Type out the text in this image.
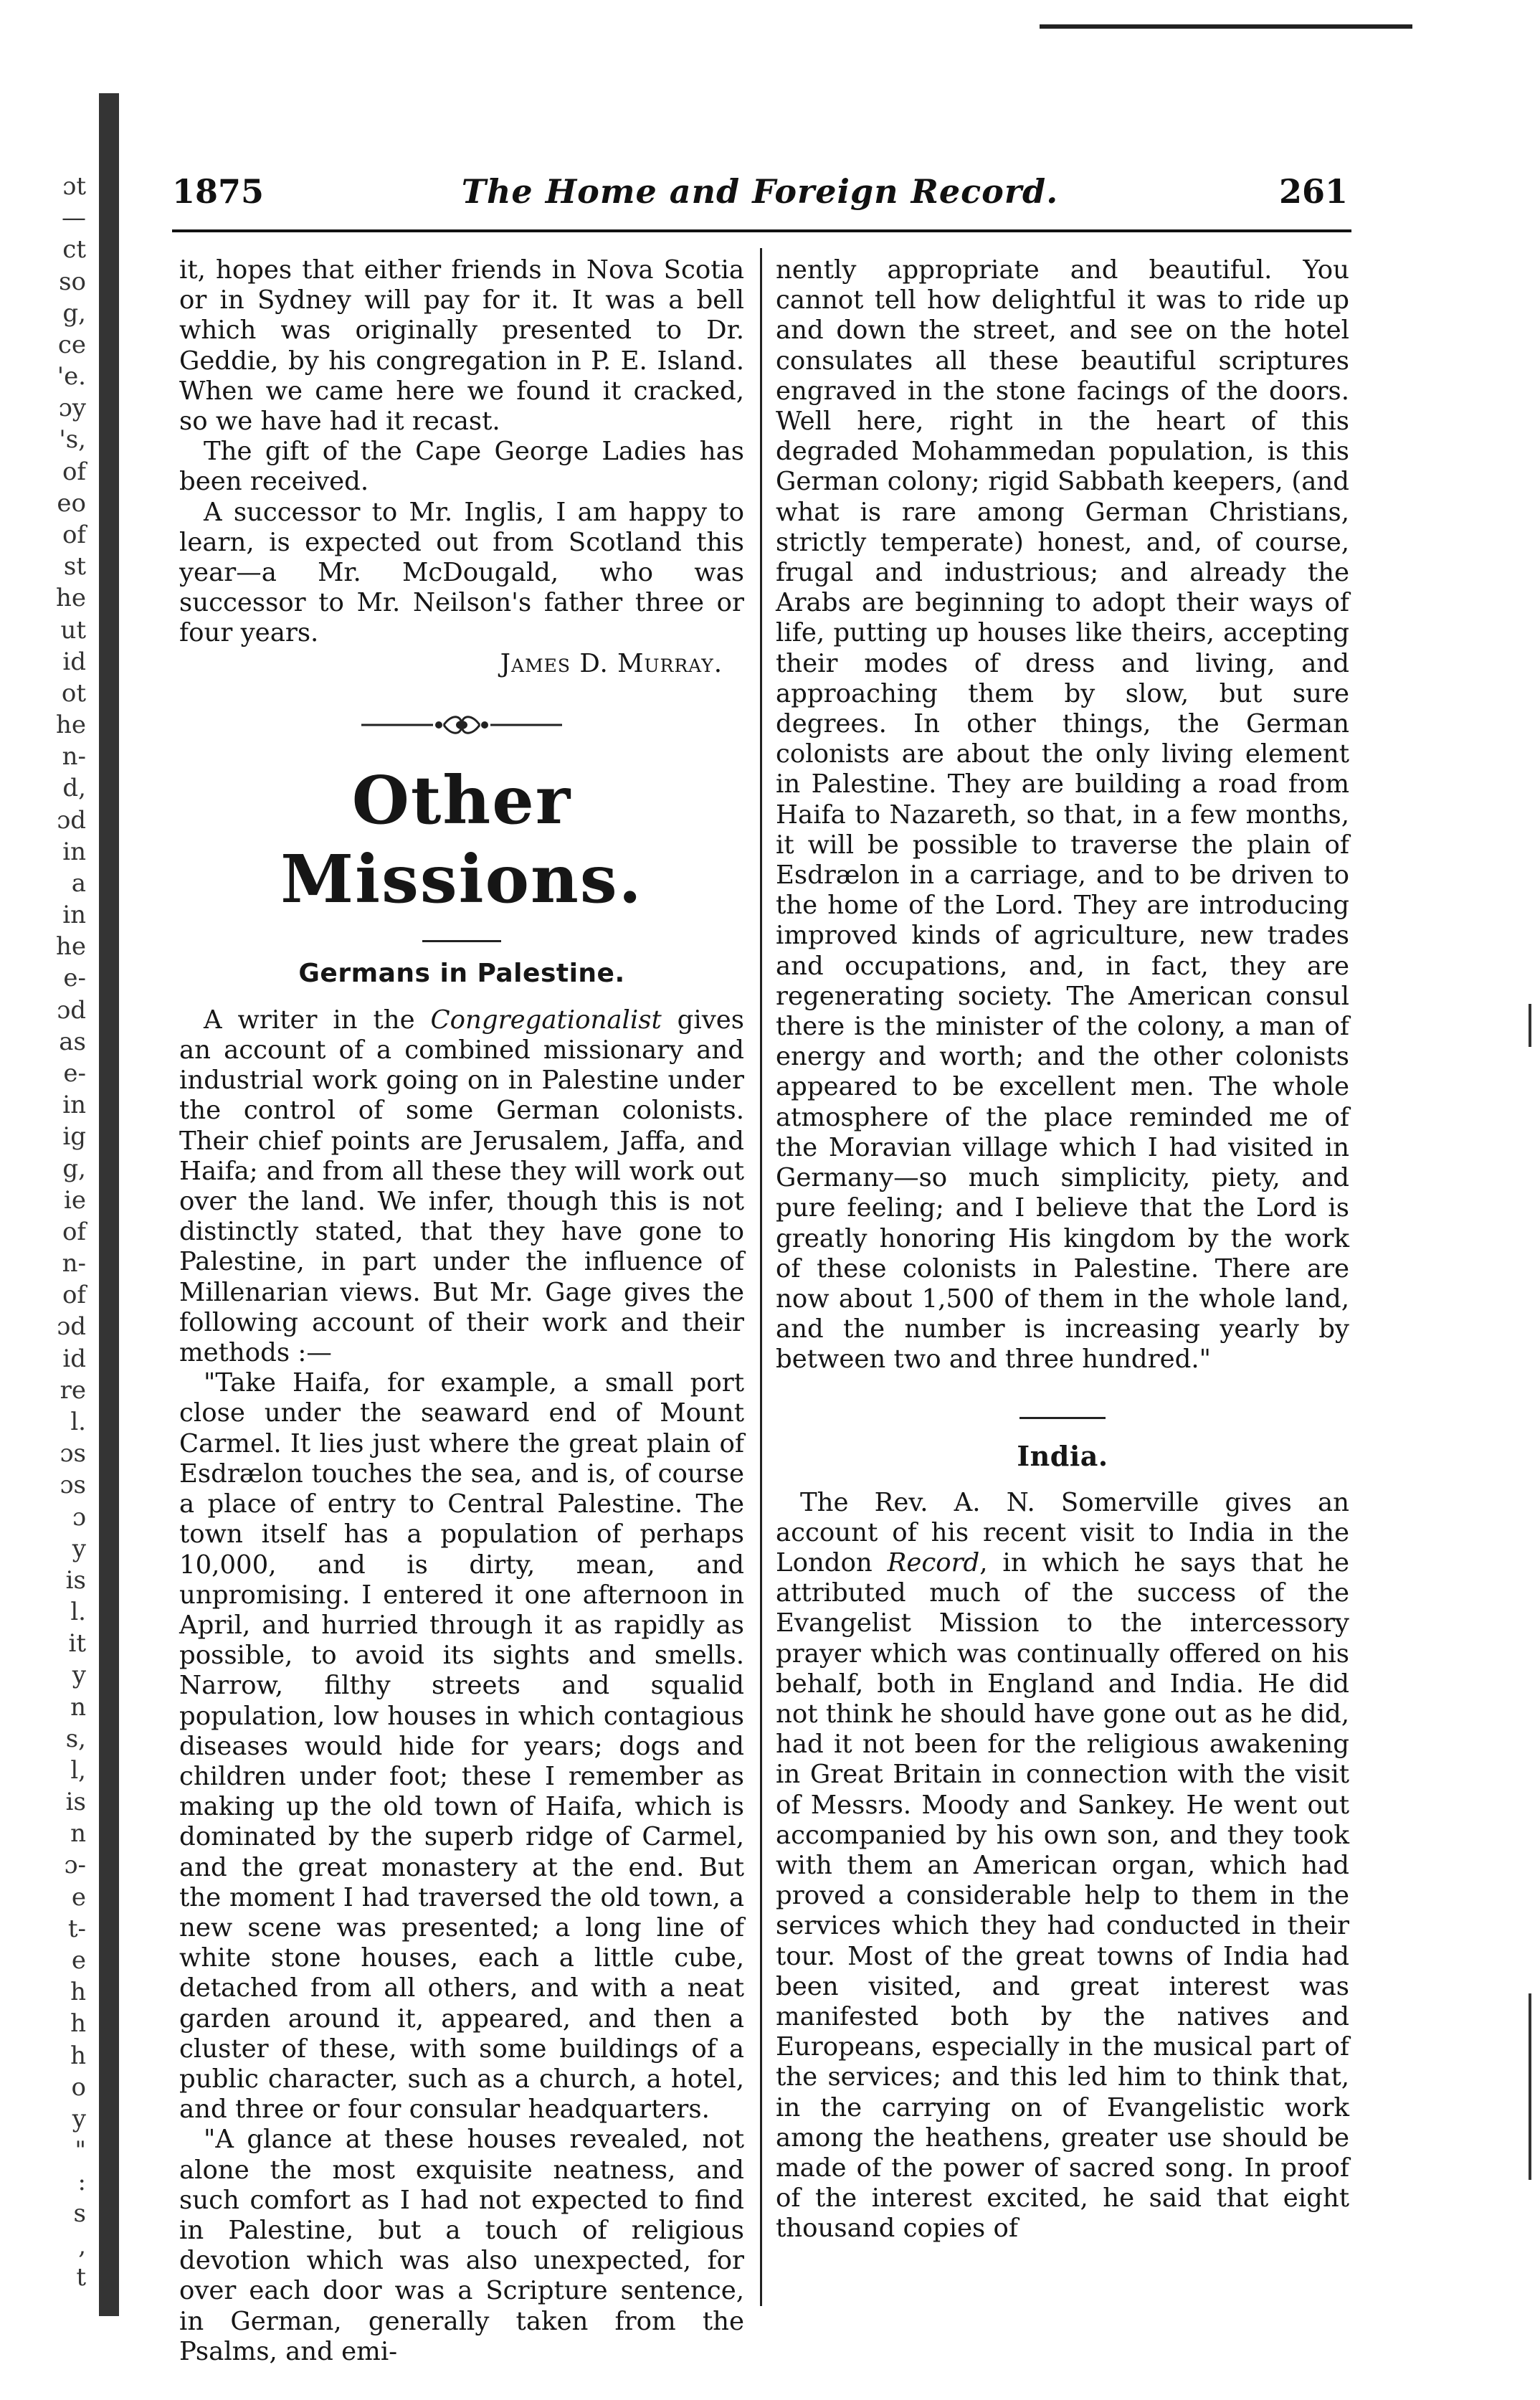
ɔt
—
ct
so
g,
ce
'e.
ɔy
's,
of
eo
of
st
he
ut
id
ot
he
n-
d,
ɔd
in
a
in
he
e-
ɔd
as
e-
in
ig
g,
ie
of
n-
of
ɔd
id
re
l.
ɔs
ɔs
ɔ
y
is
l.
it
y
n
s,
l,
is
n
ɔ-
e
t-
e
h
h
h
o
y
"
:
s
,
t
1875	The Home and Foreign Record.	261

it, hopes that either friends in Nova Scotia or in Sydney will pay for it. It was a bell which was originally presented to Dr. Geddie, by his congregation in P. E. Island. When we came here we found it cracked, so we have had it recast.

The gift of the Cape George Ladies has been received.

A successor to Mr. Inglis, I am happy to learn, is expected out from Scotland this year—a Mr. McDougald, who was successor to Mr. Neilson's father three or four years.

James D. Murray.

Other Missions.
Germans in Palestine.

A writer in the Congregationalist gives an account of a combined missionary and industrial work going on in Palestine under the control of some German colonists. Their chief points are Jerusalem, Jaffa, and Haifa; and from all these they will work out over the land. We infer, though this is not distinctly stated, that they have gone to Palestine, in part under the influence of Millenarian views. But Mr. Gage gives the following account of their work and their methods :—

"Take Haifa, for example, a small port close under the seaward end of Mount Carmel. It lies just where the great plain of Esdrælon touches the sea, and is, of course a place of entry to Central Palestine. The town itself has a population of perhaps 10,000, and is dirty, mean, and unpromising. I entered it one afternoon in April, and hurried through it as rapidly as possible, to avoid its sights and smells. Narrow, filthy streets and squalid population, low houses in which contagious diseases would hide for years; dogs and children under foot; these I remember as making up the old town of Haifa, which is dominated by the superb ridge of Carmel, and the great monastery at the end. But the moment I had traversed the old town, a new scene was presented; a long line of white stone houses, each a little cube, detached from all others, and with a neat garden around it, appeared, and then a cluster of these, with some buildings of a public character, such as a church, a hotel, and three or four consular headquarters.

"A glance at these houses revealed, not alone the most exquisite neatness, and such comfort as I had not expected to find in Palestine, but a touch of religious devotion which was also unexpected, for over each door was a Scripture sentence, in German, generally taken from the Psalms, and emi-

nently appropriate and beautiful. You cannot tell how delightful it was to ride up and down the street, and see on the hotel consulates all these beautiful scriptures engraved in the stone facings of the doors. Well here, right in the heart of this degraded Mohammedan population, is this German colony; rigid Sabbath keepers, (and what is rare among German Christians, strictly temperate) honest, and, of course, frugal and industrious; and already the Arabs are beginning to adopt their ways of life, putting up houses like theirs, accepting their modes of dress and living, and approaching them by slow, but sure degrees. In other things, the German colonists are about the only living element in Palestine. They are building a road from Haifa to Nazareth, so that, in a few months, it will be possible to traverse the plain of Esdrælon in a carriage, and to be driven to the home of the Lord. They are introducing improved kinds of agriculture, new trades and occupations, and, in fact, they are regenerating society. The American consul there is the minister of the colony, a man of energy and worth; and the other colonists appeared to be excellent men. The whole atmosphere of the place reminded me of the Moravian village which I had visited in Germany—so much simplicity, piety, and pure feeling; and I believe that the Lord is greatly honoring His kingdom by the work of these colonists in Palestine. There are now about 1,500 of them in the whole land, and the number is increasing yearly by between two and three hundred."

India.

The Rev. A. N. Somerville gives an account of his recent visit to India in the London Record, in which he says that he attributed much of the success of the Evangelist Mission to the intercessory prayer which was continually offered on his behalf, both in England and India. He did not think he should have gone out as he did, had it not been for the religious awakening in Great Britain in connection with the visit of Messrs. Moody and Sankey. He went out accompanied by his own son, and they took with them an American organ, which had proved a considerable help to them in the services which they had conducted in their tour. Most of the great towns of India had been visited, and great interest was manifested both by the natives and Europeans, especially in the musical part of the services; and this led him to think that, in the carrying on of Evangelistic work among the heathens, greater use should be made of the power of sacred song. In proof of the interest excited, he said that eight thousand copies of
